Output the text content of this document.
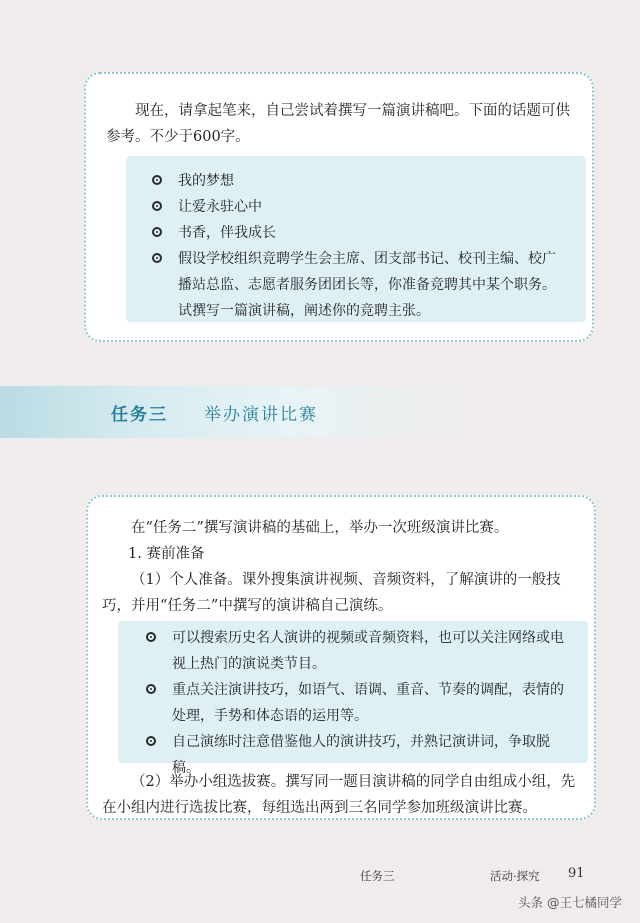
现在，请拿起笔来，自己尝试着撰写一篇演讲稿吧。下面的话题可供参考。不少于600字。

我的梦想
让爱永驻心中
书香，伴我成长
假设学校组织竞聘学生会主席、团支部书记、校刊主编、校广播站总监、志愿者服务团团长等，你准备竞聘其中某个职务。试撰写一篇演讲稿，阐述你的竞聘主张。
任务三 举办演讲比赛

在“任务二”撰写演讲稿的基础上，举办一次班级演讲比赛。

1. 赛前准备

（1）个人准备。课外搜集演讲视频、音频资料，了解演讲的一般技巧，并用“任务二”中撰写的演讲稿自己演练。

可以搜索历史名人演讲的视频或音频资料，也可以关注网络或电视上热门的演说类节目。
重点关注演讲技巧，如语气、语调、重音、节奏的调配，表情的处理，手势和体态语的运用等。
自己演练时注意借鉴他人的演讲技巧，并熟记演讲词，争取脱稿。

（2）举办小组选拔赛。撰写同一题目演讲稿的同学自由组成小组，先在小组内进行选拔比赛，每组选出两到三名同学参加班级演讲比赛。

任务三	活动·探究 91
头条 @王七橘同学
